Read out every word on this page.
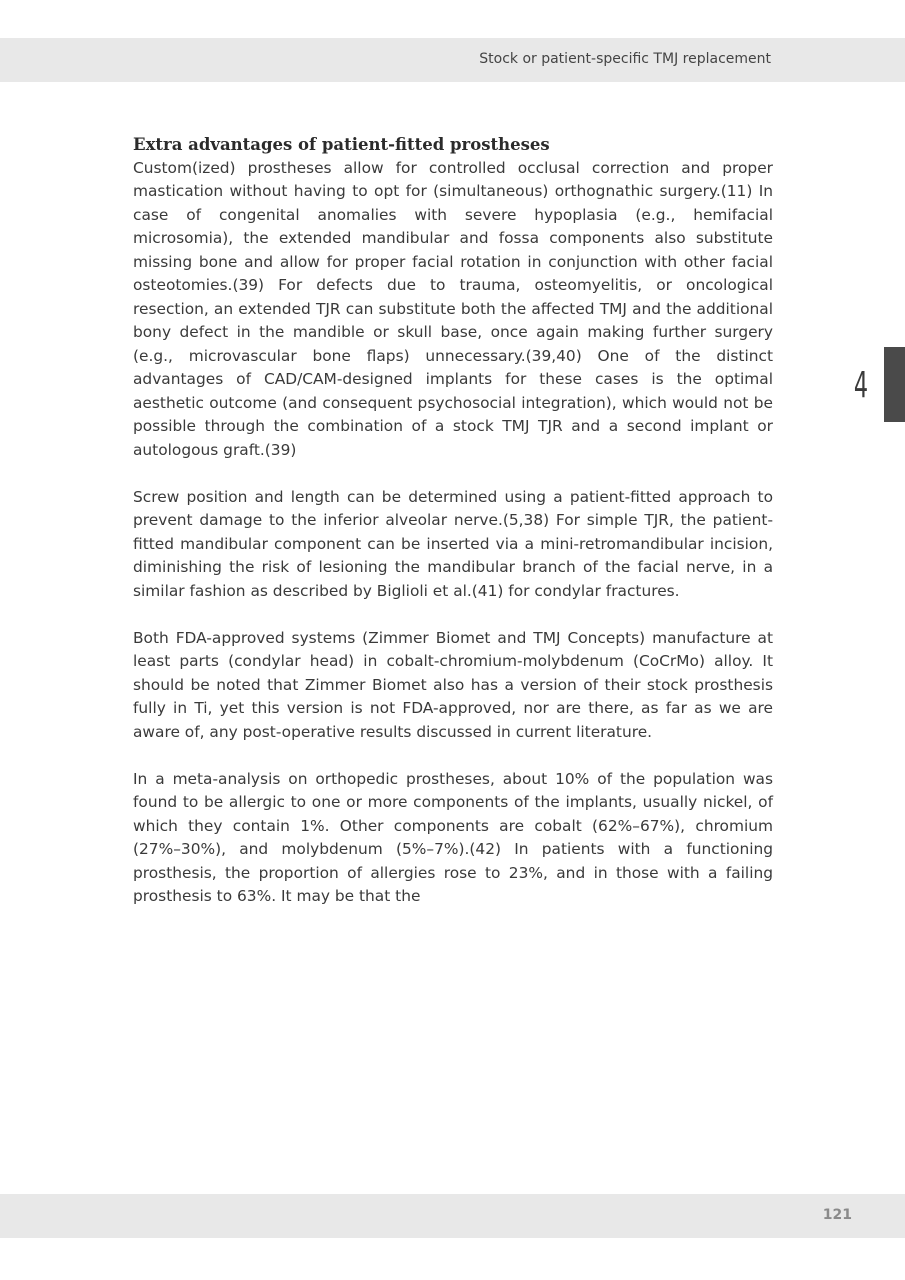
Stock or patient-specific TMJ replacement
4
Extra advantages of patient-fitted prostheses

Custom(ized) prostheses allow for controlled occlusal correction and proper mastication without having to opt for (simultaneous) orthognathic surgery.(11) In case of congenital anomalies with severe hypoplasia (e.g., hemifacial microsomia), the extended mandibular and fossa components also substitute missing bone and allow for proper facial rotation in conjunction with other facial osteotomies.(39) For defects due to trauma, osteomyelitis, or oncological resection, an extended TJR can substitute both the affected TMJ and the additional bony defect in the mandible or skull base, once again making further surgery (e.g., microvascular bone flaps) unnecessary.(39,40) One of the distinct advantages of CAD/CAM-designed implants for these cases is the optimal aesthetic outcome (and consequent psychosocial integration), which would not be possible through the combination of a stock TMJ TJR and a second implant or autologous graft.(39)

Screw position and length can be determined using a patient-fitted approach to prevent damage to the inferior alveolar nerve.(5,38) For simple TJR, the patient-fitted mandibular component can be inserted via a mini-retromandibular incision, diminishing the risk of lesioning the mandibular branch of the facial nerve, in a similar fashion as described by Biglioli et al.(41) for condylar fractures.

Both FDA-approved systems (Zimmer Biomet and TMJ Concepts) manufacture at least parts (condylar head) in cobalt-chromium-molybdenum (CoCrMo) alloy. It should be noted that Zimmer Biomet also has a version of their stock prosthesis fully in Ti, yet this version is not FDA-approved, nor are there, as far as we are aware of, any post-operative results discussed in current literature.

In a meta-analysis on orthopedic prostheses, about 10% of the population was found to be allergic to one or more components of the implants, usually nickel, of which they contain 1%. Other components are cobalt (62%–67%), chromium (27%–30%), and molybdenum (5%–7%).(42) In patients with a functioning prosthesis, the proportion of allergies rose to 23%, and in those with a failing prosthesis to 63%. It may be that the

121
